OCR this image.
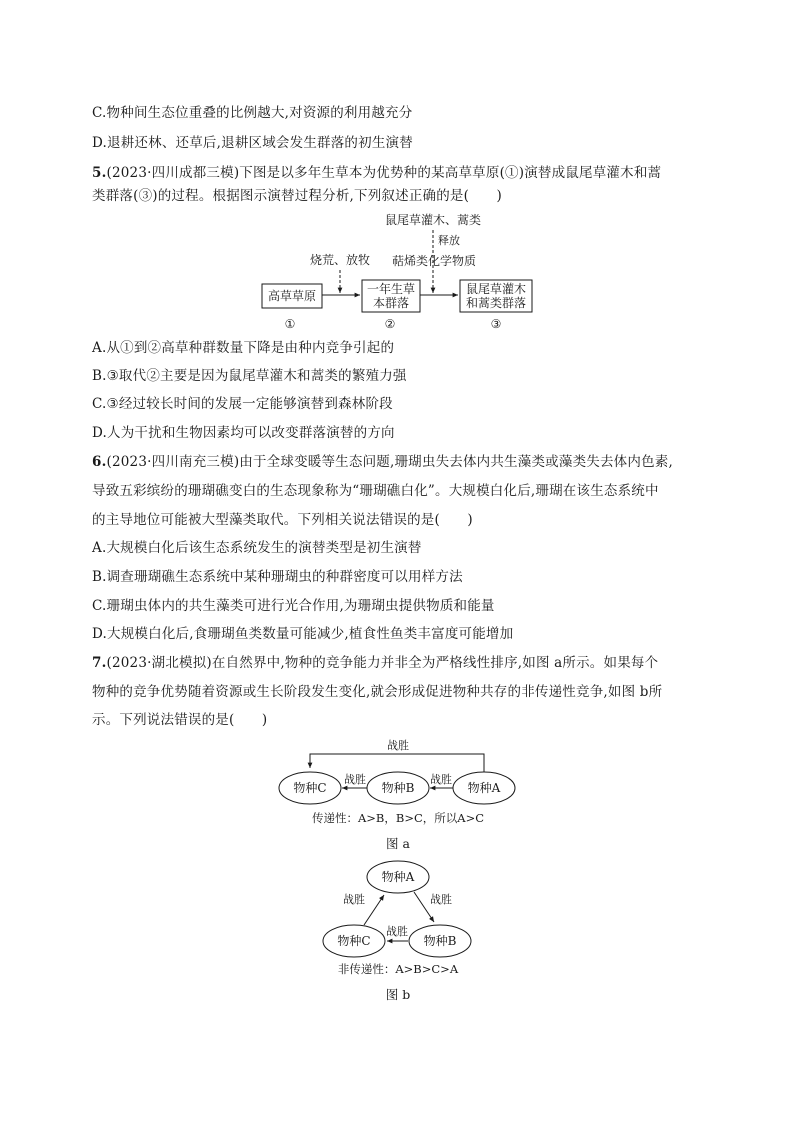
C.物种间生态位重叠的比例越大,对资源的利用越充分
D.退耕还林、还草后,退耕区域会发生群落的初生演替
5.(2023·四川成都三模)下图是以多年生草本为优势种的某高草草原(①)演替成鼠尾草灌木和蒿
类群落(③)的过程。根据图示演替过程分析,下列叙述正确的是(　　)
鼠尾草灌木、蒿类
释放
萜烯类化学物质
烧荒、放牧
高草草原	一年生草
本群落
鼠尾草灌木
和蒿类群落
①	②	③
战胜
物种C	物种B	物种A
战胜	战胜
传递性：A>B，B>C，所以A>C
图 a
物种A
物种B
物种C
战胜
战胜
战胜
非传递性：A>B>C>A
图 b
A.从①到②高草种群数量下降是由种内竞争引起的
B.③取代②主要是因为鼠尾草灌木和蒿类的繁殖力强
C.③经过较长时间的发展一定能够演替到森林阶段
D.人为干扰和生物因素均可以改变群落演替的方向
6.(2023·四川南充三模)由于全球变暖等生态问题,珊瑚虫失去体内共生藻类或藻类失去体内色素,
导致五彩缤纷的珊瑚礁变白的生态现象称为“珊瑚礁白化”。大规模白化后,珊瑚在该生态系统中
的主导地位可能被大型藻类取代。下列相关说法错误的是(　　)
A.大规模白化后该生态系统发生的演替类型是初生演替
B.调查珊瑚礁生态系统中某种珊瑚虫的种群密度可以用样方法
C.珊瑚虫体内的共生藻类可进行光合作用,为珊瑚虫提供物质和能量
D.大规模白化后,食珊瑚鱼类数量可能减少,植食性鱼类丰富度可能增加
7.(2023·湖北模拟)在自然界中,物种的竞争能力并非全为严格线性排序,如图 a所示。如果每个
物种的竞争优势随着资源或生长阶段发生变化,就会形成促进物种共存的非传递性竞争,如图 b所
示。下列说法错误的是(　　)
